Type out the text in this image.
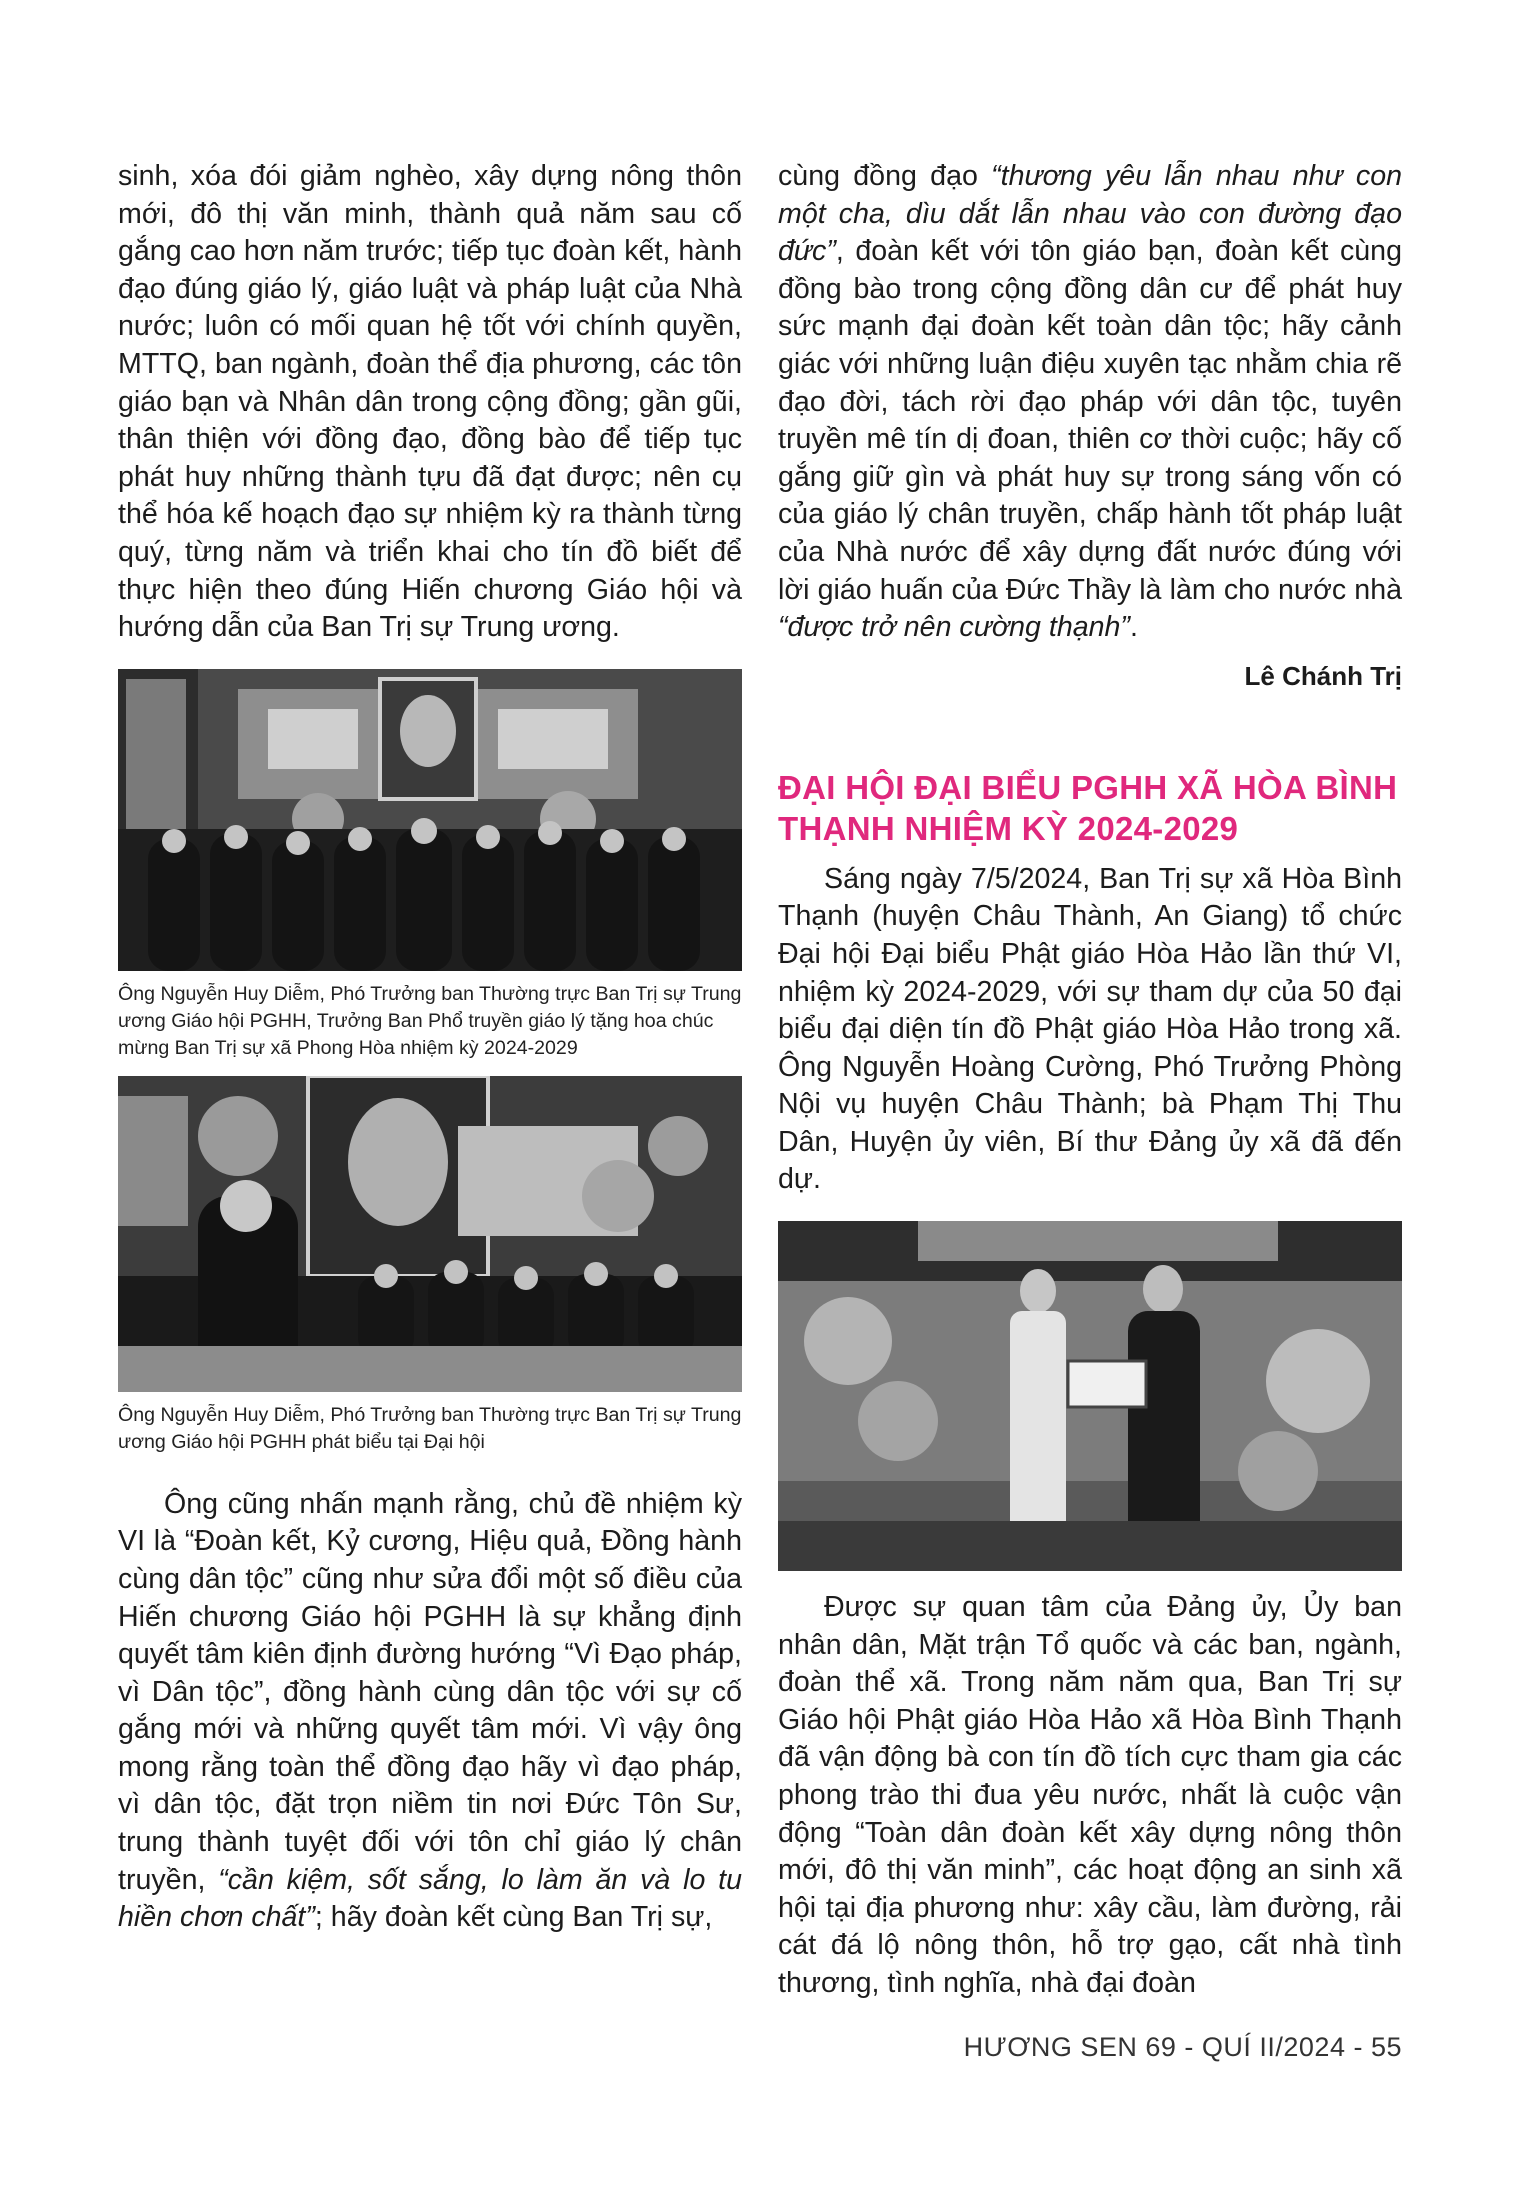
sinh, xóa đói giảm nghèo, xây dựng nông thôn mới, đô thị văn minh, thành quả năm sau cố gắng cao hơn năm trước; tiếp tục đoàn kết, hành đạo đúng giáo lý, giáo luật và pháp luật của Nhà nước; luôn có mối quan hệ tốt với chính quyền, MTTQ, ban ngành, đoàn thể địa phương, các tôn giáo bạn và Nhân dân trong cộng đồng; gần gũi, thân thiện với đồng đạo, đồng bào để tiếp tục phát huy những thành tựu đã đạt được; nên cụ thể hóa kế hoạch đạo sự nhiệm kỳ ra thành từng quý, từng năm và triển khai cho tín đồ biết để thực hiện theo đúng Hiến chương Giáo hội và hướng dẫn của Ban Trị sự Trung ương.

Ông Nguyễn Huy Diễm, Phó Trưởng ban Thường trực Ban Trị sự Trung ương Giáo hội PGHH, Trưởng Ban Phổ truyền giáo lý tặng hoa chúc mừng Ban Trị sự xã Phong Hòa nhiệm kỳ 2024-2029

Ông Nguyễn Huy Diễm, Phó Trưởng ban Thường trực Ban Trị sự Trung ương Giáo hội PGHH phát biểu tại Đại hội

Ông cũng nhấn mạnh rằng, chủ đề nhiệm kỳ VI là “Đoàn kết, Kỷ cương, Hiệu quả, Đồng hành cùng dân tộc” cũng như sửa đổi một số điều của Hiến chương Giáo hội PGHH là sự khẳng định quyết tâm kiên định đường hướng “Vì Đạo pháp, vì Dân tộc”, đồng hành cùng dân tộc với sự cố gắng mới và những quyết tâm mới. Vì vậy ông mong rằng toàn thể đồng đạo hãy vì đạo pháp, vì dân tộc, đặt trọn niềm tin nơi Đức Tôn Sư, trung thành tuyệt đối với tôn chỉ giáo lý chân truyền, “cần kiệm, sốt sắng, lo làm ăn và lo tu hiền chơn chất”; hãy đoàn kết cùng Ban Trị sự,

cùng đồng đạo “thương yêu lẫn nhau như con một cha, dìu dắt lẫn nhau vào con đường đạo đức”, đoàn kết với tôn giáo bạn, đoàn kết cùng đồng bào trong cộng đồng dân cư để phát huy sức mạnh đại đoàn kết toàn dân tộc; hãy cảnh giác với những luận điệu xuyên tạc nhằm chia rẽ đạo đời, tách rời đạo pháp với dân tộc, tuyên truyền mê tín dị đoan, thiên cơ thời cuộc; hãy cố gắng giữ gìn và phát huy sự trong sáng vốn có của giáo lý chân truyền, chấp hành tốt pháp luật của Nhà nước để xây dựng đất nước đúng với lời giáo huấn của Đức Thầy là làm cho nước nhà “được trở nên cường thạnh”.

Lê Chánh Trị

ĐẠI HỘI ĐẠI BIỂU PGHH XÃ HÒA BÌNH THẠNH NHIỆM KỲ 2024-2029

Sáng ngày 7/5/2024, Ban Trị sự xã Hòa Bình Thạnh (huyện Châu Thành, An Giang) tổ chức Đại hội Đại biểu Phật giáo Hòa Hảo lần thứ VI, nhiệm kỳ 2024-2029, với sự tham dự của 50 đại biểu đại diện tín đồ Phật giáo Hòa Hảo trong xã. Ông Nguyễn Hoàng Cường, Phó Trưởng Phòng Nội vụ huyện Châu Thành; bà Phạm Thị Thu Dân, Huyện ủy viên, Bí thư Đảng ủy xã đã đến dự.

Được sự quan tâm của Đảng ủy, Ủy ban nhân dân, Mặt trận Tổ quốc và các ban, ngành, đoàn thể xã. Trong năm năm qua, Ban Trị sự Giáo hội Phật giáo Hòa Hảo xã Hòa Bình Thạnh đã vận động bà con tín đồ tích cực tham gia các phong trào thi đua yêu nước, nhất là cuộc vận động “Toàn dân đoàn kết xây dựng nông thôn mới, đô thị văn minh”, các hoạt động an sinh xã hội tại địa phương như: xây cầu, làm đường, rải cát đá lộ nông thôn, hỗ trợ gạo, cất nhà tình thương, tình nghĩa, nhà đại đoàn

HƯƠNG SEN 69 - QUÍ II/2024 - 55
